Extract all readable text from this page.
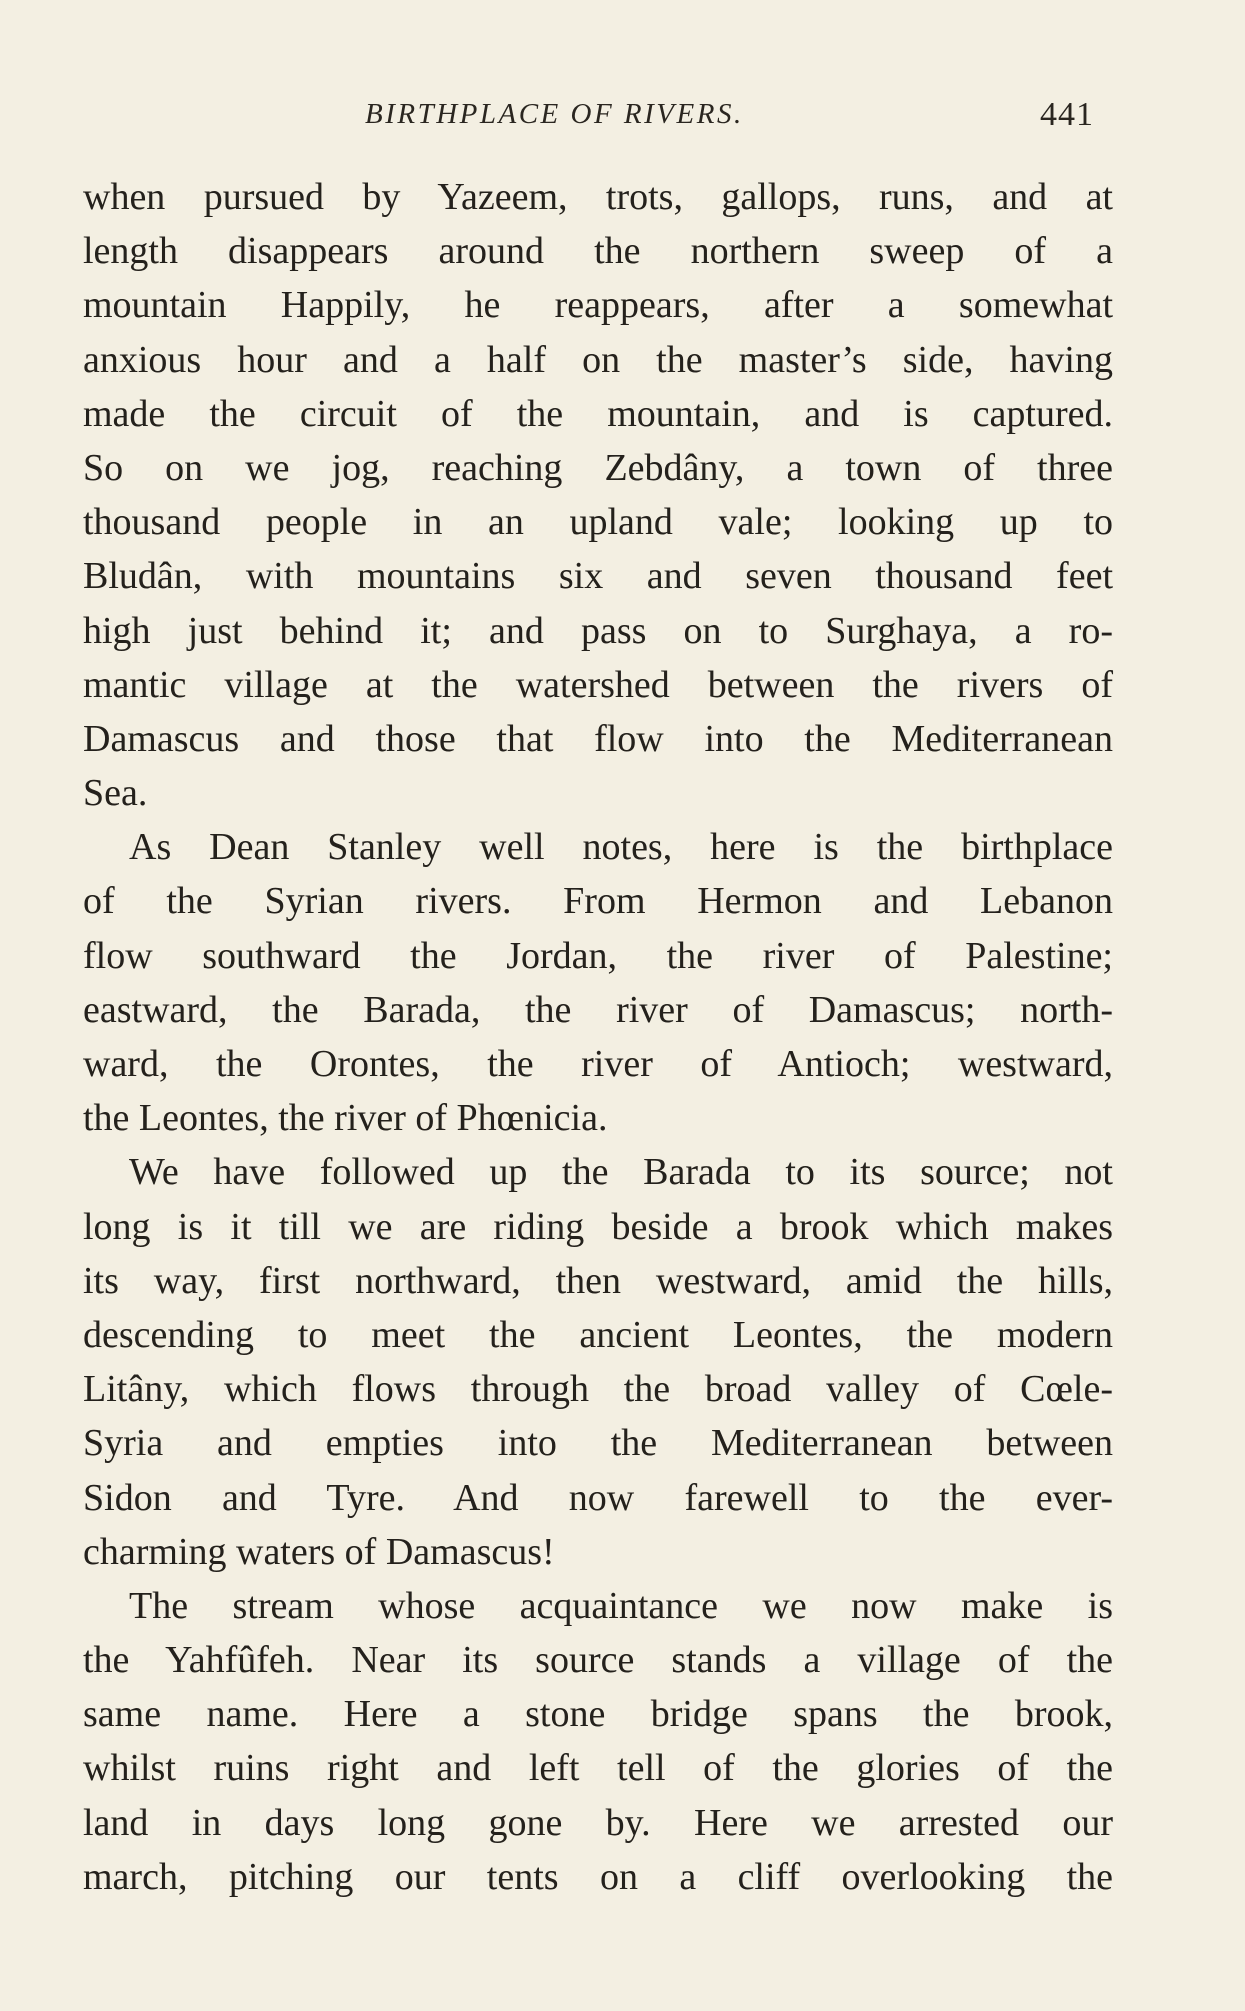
BIRTHPLACE OF RIVERS.	441
when pursued by Yazeem, trots, gallops, runs, and at
length disappears around the northern sweep of a
mountain Happily, he reappears, after a somewhat
anxious hour and a half on the master’s side, having
made the circuit of the mountain, and is captured.
So on we jog, reaching Zebdâny, a town of three
thousand people in an upland vale; looking up to
Bludân, with mountains six and seven thousand feet
high just behind it; and pass on to Surghaya, a ro-
mantic village at the watershed between the rivers of
Damascus and those that flow into the Mediterranean
Sea.
As Dean Stanley well notes, here is the birthplace
of the Syrian rivers. From Hermon and Lebanon
flow southward the Jordan, the river of Palestine;
eastward, the Barada, the river of Damascus; north-
ward, the Orontes, the river of Antioch; westward,
the Leontes, the river of Phœnicia.
We have followed up the Barada to its source; not
long is it till we are riding beside a brook which makes
its way, first northward, then westward, amid the hills,
descending to meet the ancient Leontes, the modern
Litâny, which flows through the broad valley of Cœle-
Syria and empties into the Mediterranean between
Sidon and Tyre. And now farewell to the ever-
charming waters of Damascus!
The stream whose acquaintance we now make is
the Yahfûfeh. Near its source stands a village of the
same name. Here a stone bridge spans the brook,
whilst ruins right and left tell of the glories of the
land in days long gone by. Here we arrested our
march, pitching our tents on a cliff overlooking the
